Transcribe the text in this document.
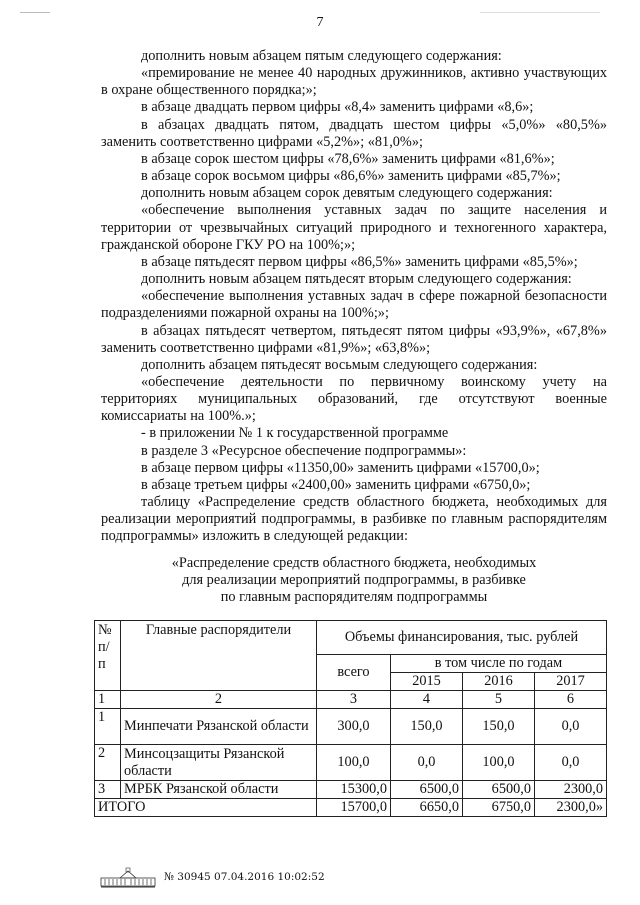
7

дополнить новым абзацем пятым следующего содержания:

«премирование не менее 40 народных дружинников, активно участвующих в охране общественного порядка;»;

в абзаце двадцать первом цифры «8,4» заменить цифрами «8,6»;

в абзацах двадцать пятом, двадцать шестом цифры «5,0%» «80,5%» заменить соответственно цифрами «5,2%»; «81,0%»;

в абзаце сорок шестом цифры «78,6%» заменить цифрами «81,6%»;

в абзаце сорок восьмом цифры «86,6%» заменить цифрами «85,7%»;

дополнить новым абзацем сорок девятым следующего содержания:

«обеспечение выполнения уставных задач по защите населения и территории от чрезвычайных ситуаций природного и техногенного характера, гражданской обороне ГКУ РО на 100%;»;

в абзаце пятьдесят первом цифры «86,5%» заменить цифрами «85,5%»;

дополнить новым абзацем пятьдесят вторым следующего содержания:

«обеспечение выполнения уставных задач в сфере пожарной безопасности подразделениями пожарной охраны на 100%;»;

в абзацах пятьдесят четвертом, пятьдесят пятом цифры «93,9%», «67,8%» заменить соответственно цифрами «81,9%»; «63,8%»;

дополнить абзацем пятьдесят восьмым следующего содержания:

«обеспечение деятельности по первичному воинскому учету на территориях муниципальных образований, где отсутствуют военные комиссариаты на 100%.»;

- в приложении № 1 к государственной программе

в разделе 3 «Ресурсное обеспечение подпрограммы»:

в абзаце первом цифры «11350,00» заменить цифрами «15700,0»;

в абзаце третьем цифры «2400,00» заменить цифрами «6750,0»;

таблицу «Распределение средств областного бюджета, необходимых для реализации мероприятий подпрограммы, в разбивке по главным распорядителям подпрограммы» изложить в следующей редакции:

«Распределение средств областного бюджета, необходимых
для реализации мероприятий подпрограммы, в разбивке
по главным распорядителям подпрограммы
№ п/п	Главные распорядители	Объемы финансирования, тыс. рублей			
		всего	в том числе по годам		
			2015	2016	2017
1	2	3	4	5	6
1	Минпечати Рязанской области	300,0	150,0	150,0	0,0
2	Минсоцзащиты Рязанской области	100,0	0,0	100,0	0,0
3	МРБК Рязанской области	15300,0	6500,0	6500,0	2300,0
ИТОГО		15700,0	6650,0	6750,0	2300,0»
№ 30945 07.04.2016 10:02:52
